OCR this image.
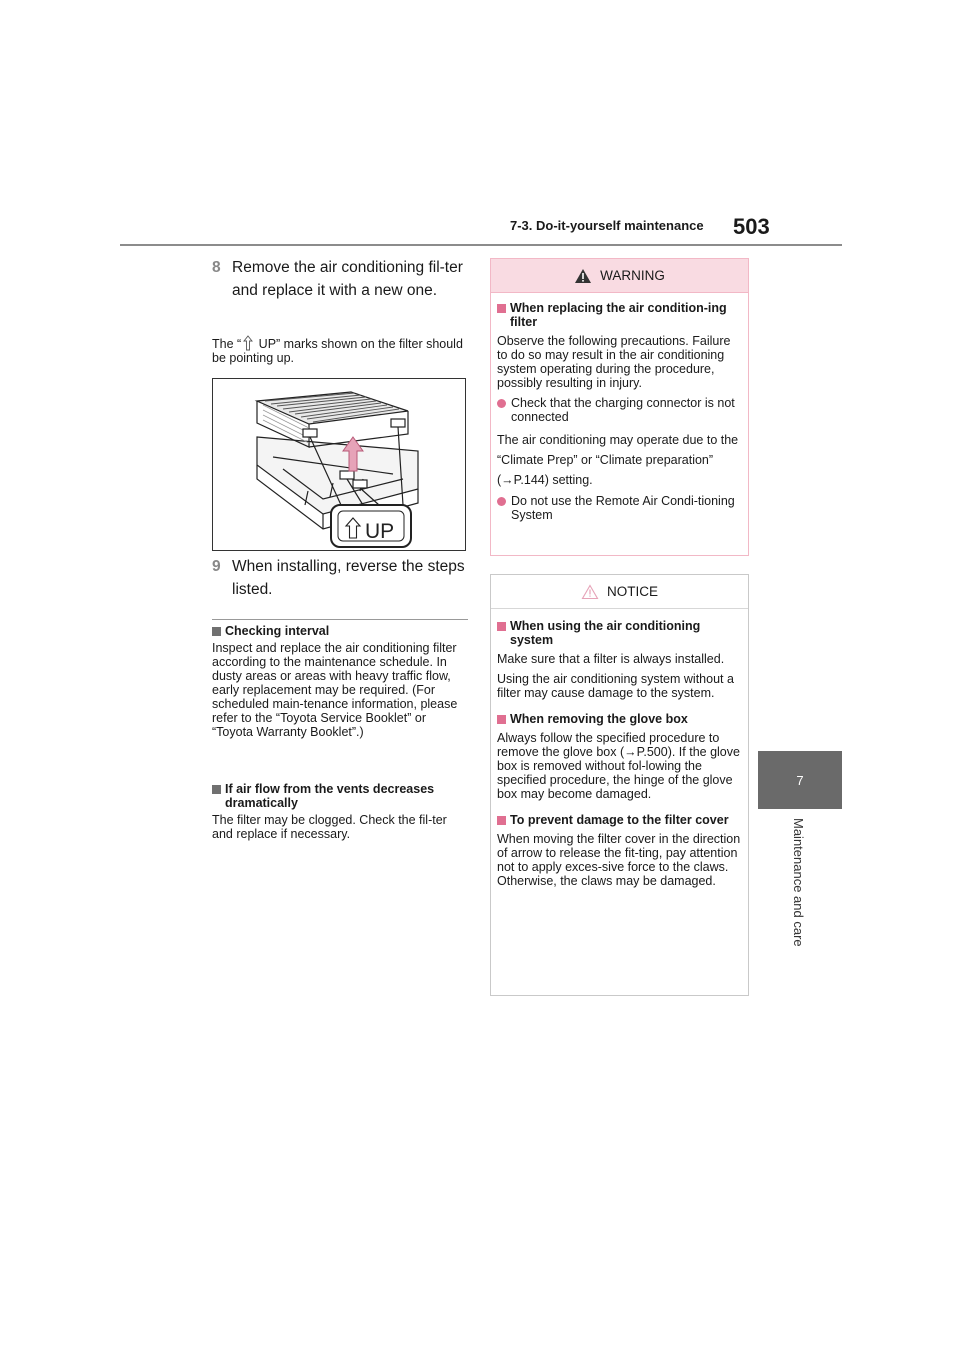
7-3. Do-it-yourself maintenance 503
7
Maintenance and care
8 Remove the air conditioning fil-ter and replace it with a new one.
The “ UP” marks shown on the filter should be pointing up.
UP
9 When installing, reverse the steps listed.
Checking interval
Inspect and replace the air conditioning filter according to the maintenance schedule. In dusty areas or areas with heavy traffic flow, early replacement may be required. (For scheduled main-tenance information, please refer to the “Toyota Service Booklet” or “Toyota Warranty Booklet”.)
If air flow from the vents decreases dramatically
The filter may be clogged. Check the fil-ter and replace if necessary.
WARNING
When replacing the air condition-ing filter

Observe the following precautions. Failure to do so may result in the air conditioning system operating during the procedure, possibly resulting in injury.

Check that the charging connector is not connected

The air conditioning may operate due to the “Climate Prep” or “Climate preparation” (→P.144) setting.

Do not use the Remote Air Condi-tioning System
NOTICE
When using the air conditioning system

Make sure that a filter is always installed.

Using the air conditioning system without a filter may cause damage to the system.

When removing the glove box

Always follow the specified procedure to remove the glove box (→P.500). If the glove box is removed without fol-lowing the specified procedure, the hinge of the glove box may become damaged.

To prevent damage to the filter cover

When moving the filter cover in the direction of arrow to release the fit-ting, pay attention not to apply exces-sive force to the claws. Otherwise, the claws may be damaged.
